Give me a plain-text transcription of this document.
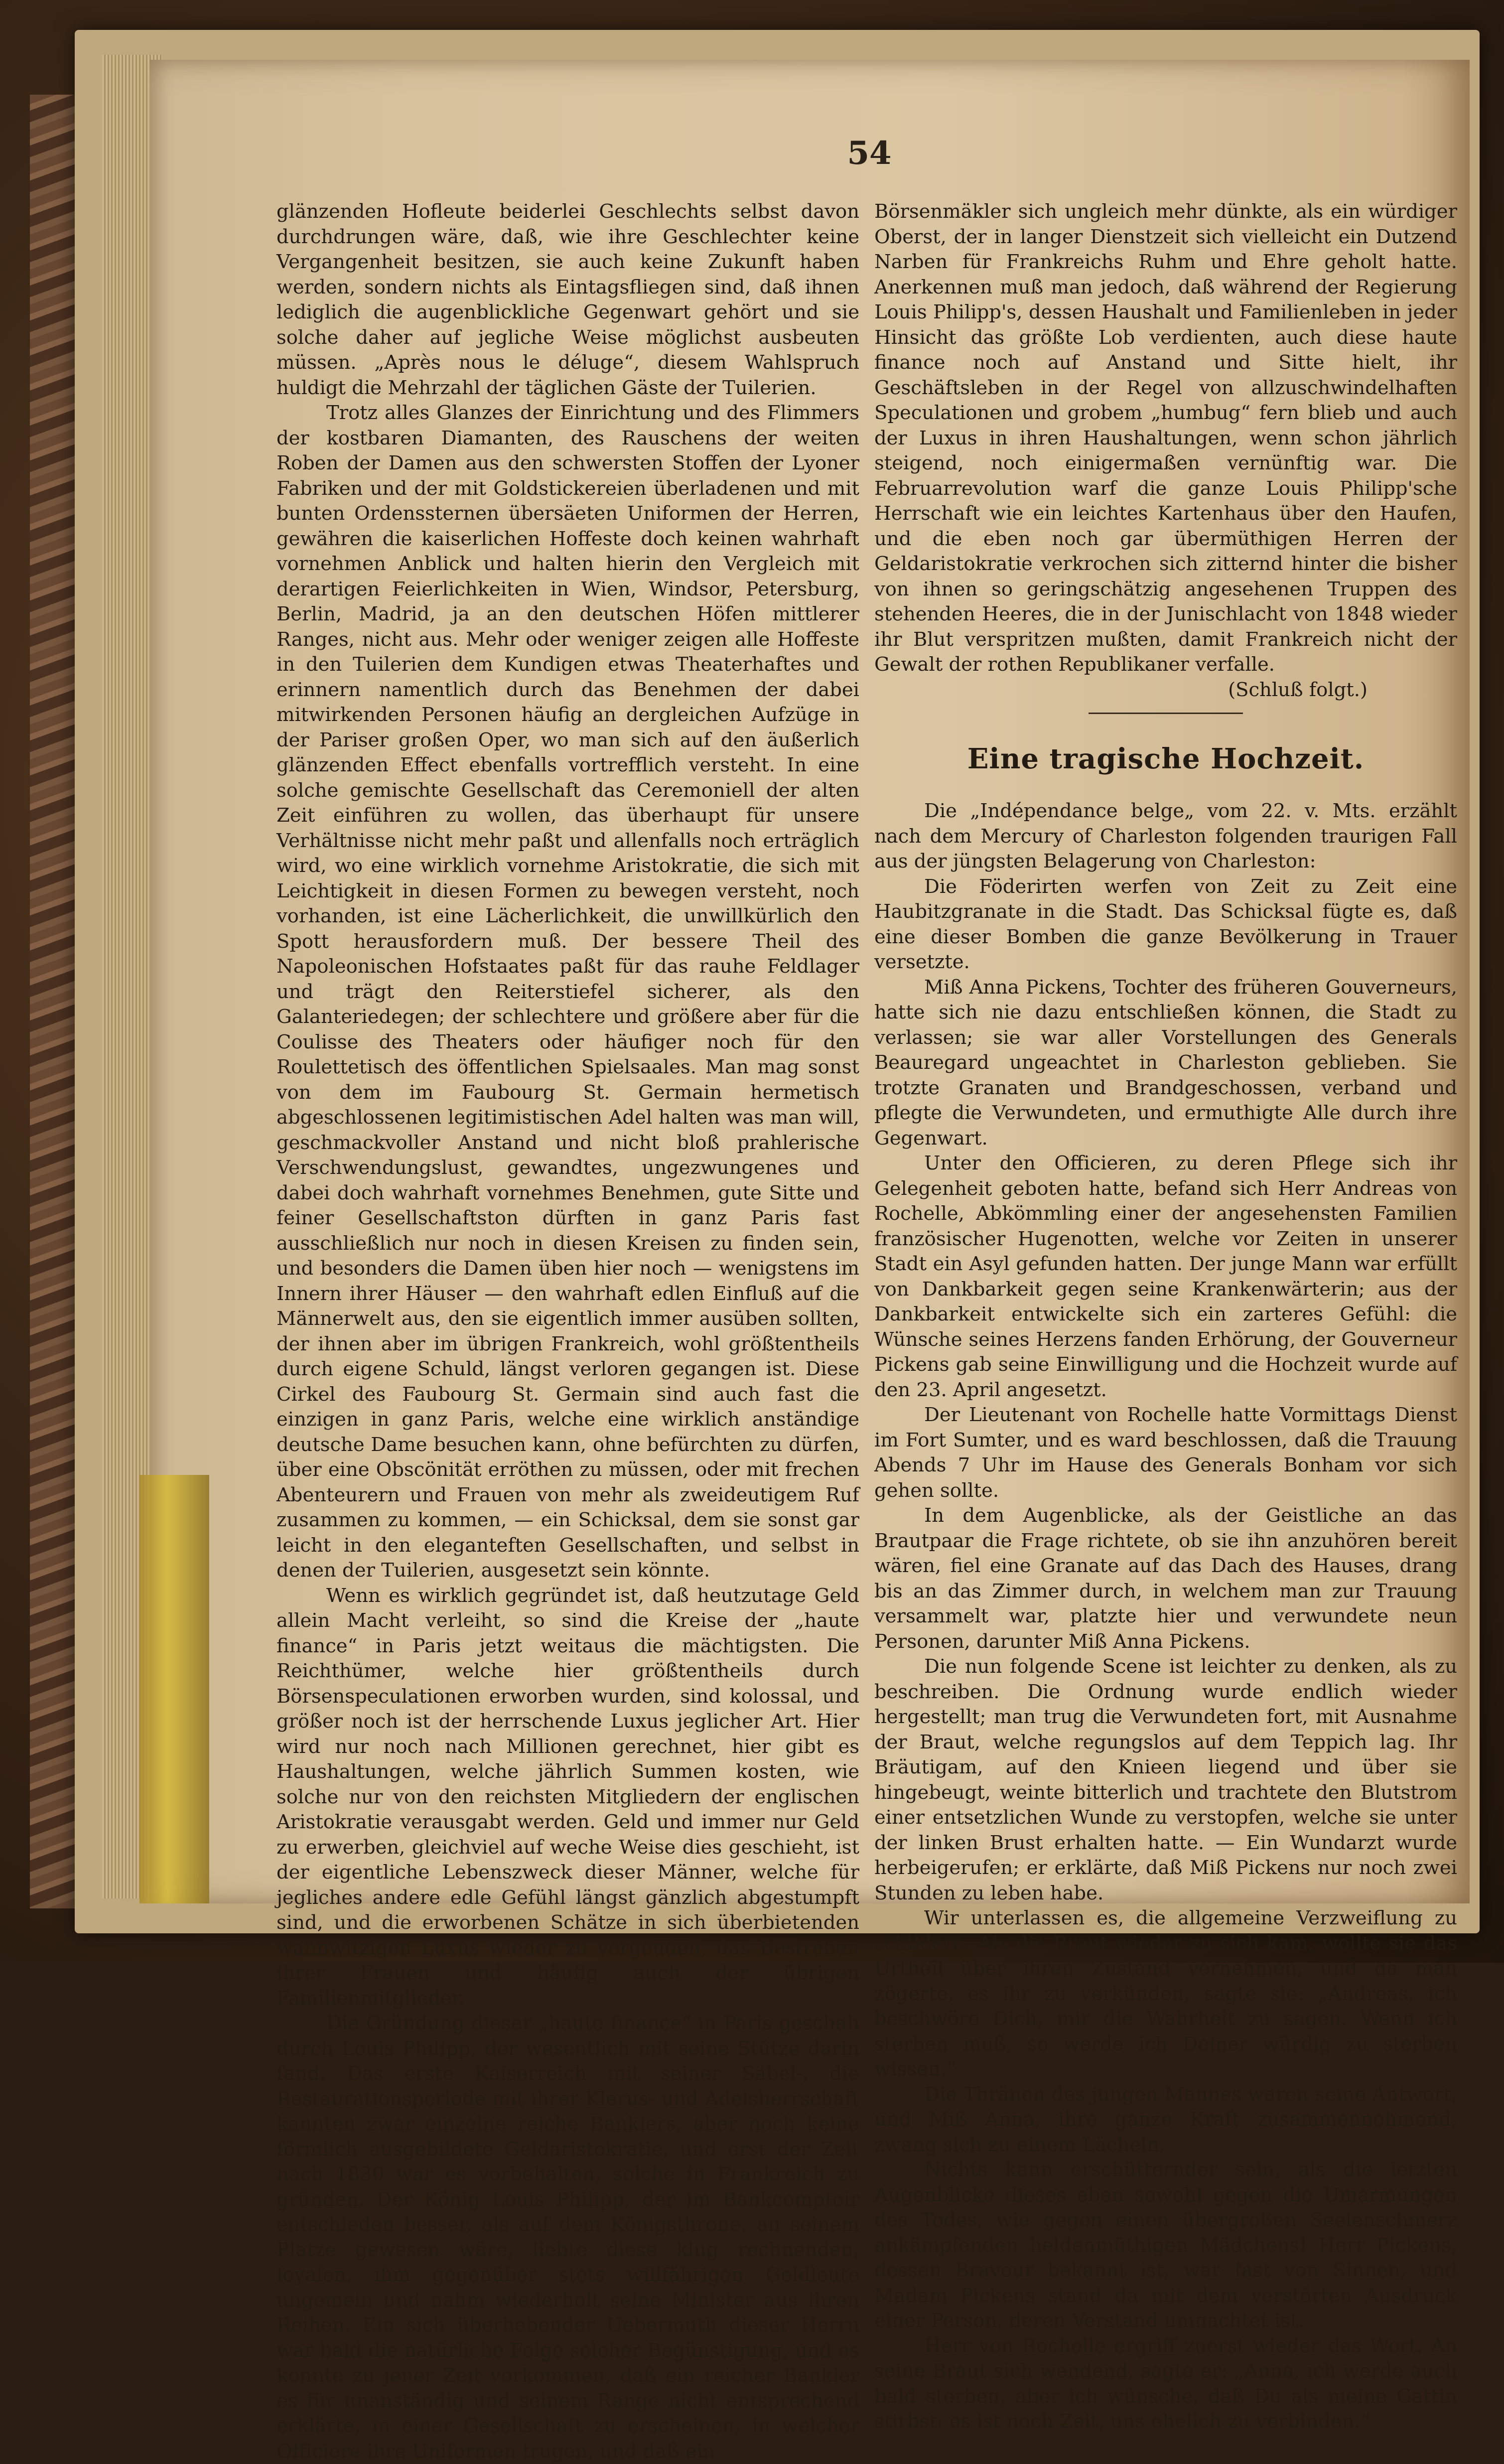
54

glänzenden Hofleute beiderlei Geschlechts selbst davon durchdrungen wäre, daß, wie ihre Geschlechter keine Vergangenheit besitzen, sie auch keine Zukunft haben werden, sondern nichts als Eintagsfliegen sind, daß ihnen lediglich die augenblickliche Gegenwart gehört und sie solche daher auf jegliche Weise möglichst ausbeuten müssen. „Après nous le déluge“, diesem Wahlspruch huldigt die Mehrzahl der täglichen Gäste der Tuilerien.

Trotz alles Glanzes der Einrichtung und des Flimmers der kostbaren Diamanten, des Rauschens der weiten Roben der Damen aus den schwersten Stoffen der Lyoner Fabriken und der mit Goldstickereien überladenen und mit bunten Ordenssternen übersäeten Uniformen der Herren, gewähren die kaiserlichen Hoffeste doch keinen wahrhaft vornehmen Anblick und halten hierin den Vergleich mit derartigen Feierlichkeiten in Wien, Windsor, Petersburg, Berlin, Madrid, ja an den deutschen Höfen mittlerer Ranges, nicht aus. Mehr oder weniger zeigen alle Hoffeste in den Tuilerien dem Kundigen etwas Theaterhaftes und erinnern namentlich durch das Benehmen der dabei mitwirkenden Personen häufig an dergleichen Aufzüge in der Pariser großen Oper, wo man sich auf den äußerlich glänzenden Effect ebenfalls vortrefflich versteht. In eine solche gemischte Gesellschaft das Ceremoniell der alten Zeit einführen zu wollen, das überhaupt für unsere Verhältnisse nicht mehr paßt und allenfalls noch erträglich wird, wo eine wirklich vornehme Aristokratie, die sich mit Leichtigkeit in diesen Formen zu bewegen versteht, noch vorhanden, ist eine Lächerlichkeit, die unwillkürlich den Spott herausfordern muß. Der bessere Theil des Napoleonischen Hofstaates paßt für das rauhe Feldlager und trägt den Reiterstiefel sicherer, als den Galanteriedegen; der schlechtere und größere aber für die Coulisse des Theaters oder häufiger noch für den Roulettetisch des öffentlichen Spielsaales. Man mag sonst von dem im Faubourg St. Germain hermetisch abgeschlossenen legitimistischen Adel halten was man will, geschmackvoller Anstand und nicht bloß prahlerische Verschwendungslust, gewandtes, ungezwungenes und dabei doch wahrhaft vornehmes Benehmen, gute Sitte und feiner Gesellschaftston dürften in ganz Paris fast ausschließlich nur noch in diesen Kreisen zu finden sein, und besonders die Damen üben hier noch — wenigstens im Innern ihrer Häuser — den wahrhaft edlen Einfluß auf die Männerwelt aus, den sie eigentlich immer ausüben sollten, der ihnen aber im übrigen Frankreich, wohl größtentheils durch eigene Schuld, längst verloren gegangen ist. Diese Cirkel des Faubourg St. Germain sind auch fast die einzigen in ganz Paris, welche eine wirklich anständige deutsche Dame besuchen kann, ohne befürchten zu dürfen, über eine Obscönität erröthen zu müssen, oder mit frechen Abenteurern und Frauen von mehr als zweideutigem Ruf zusammen zu kommen, — ein Schicksal, dem sie sonst gar leicht in den eleganteften Gesellschaften, und selbst in denen der Tuilerien, ausgesetzt sein könnte.

Wenn es wirklich gegründet ist, daß heutzutage Geld allein Macht verleiht, so sind die Kreise der „haute finance“ in Paris jetzt weitaus die mächtigsten. Die Reichthümer, welche hier größtentheils durch Börsenspeculationen erworben wurden, sind kolossal, und größer noch ist der herrschende Luxus jeglicher Art. Hier wird nur noch nach Millionen gerechnet, hier gibt es Haushaltungen, welche jährlich Summen kosten, wie solche nur von den reichsten Mitgliedern der englischen Aristokratie verausgabt werden. Geld und immer nur Geld zu erwerben, gleichviel auf weche Weise dies geschieht, ist der eigentliche Lebenszweck dieser Männer, welche für jegliches andere edle Gefühl längst gänzlich abgestumpft sind, und die erworbenen Schätze in sich überbietenden wahnwitzigen Luxus wieder zu vergeuden, das Bestreben ihrer Frauen und häufig auch der übrigen Familienmitglieder.

Die Gründung dieser „haute finance“ in Paris geschah durch Louis Philipp, der wesentlich mit seine Stütze darin fand. Das erste Kaiserreich mit seiner Säbel-, die Restaurationsperiode mit ihrer Klerus- und Adelsherrschaft kannten zwar einzelne reiche Bankiers, aber noch keine förmlich ausgebildete Geldaristokratie, und erst der Zeit nach 1830 war es vorbehalten, solche in Frankreich zu gründen. Der König Louis Philipp, der im Bankcomptoir entschieden besser, als auf dem Königsthrone, an seinem Platze gewesen wäre, liebte diese klug rechnenden, loyalen, ihm gegenüber stets willfährigen Geldleute ungemein und nahm wiederholt seine Minister aus ihren Reihen. Ein sich überhebender Uebermuth dieser Herrn war bald die natürliche Folge solcher Begünstigung, und es konnte zu jener Zeit vorkommen, daß ein reicher Bankier es für unanständig und seinem Range nicht entsprechend erklärte, in einer Gesellschaft zu erscheinen, in welcher Officiere ihre Uniformen trugen, und daß ein

Börsenmäkler sich ungleich mehr dünkte, als ein würdiger Oberst, der in langer Dienstzeit sich vielleicht ein Dutzend Narben für Frankreichs Ruhm und Ehre geholt hatte. Anerkennen muß man jedoch, daß während der Regierung Louis Philipp's, dessen Haushalt und Familienleben in jeder Hinsicht das größte Lob verdienten, auch diese haute finance noch auf Anstand und Sitte hielt, ihr Geschäftsleben in der Regel von allzuschwindelhaften Speculationen und grobem „humbug“ fern blieb und auch der Luxus in ihren Haushaltungen, wenn schon jährlich steigend, noch einigermaßen vernünftig war. Die Februarrevolution warf die ganze Louis Philipp'sche Herrschaft wie ein leichtes Kartenhaus über den Haufen, und die eben noch gar übermüthigen Herren der Geldaristokratie verkrochen sich zitternd hinter die bisher von ihnen so geringschätzig angesehenen Truppen des stehenden Heeres, die in der Junischlacht von 1848 wieder ihr Blut verspritzen mußten, damit Frankreich nicht der Gewalt der rothen Republikaner verfalle.

(Schluß folgt.)

Eine tragische Hochzeit.

Die „Indépendance belge„ vom 22. v. Mts. erzählt nach dem Mercury of Charleston folgenden traurigen Fall aus der jüngsten Belagerung von Charleston:

Die Föderirten werfen von Zeit zu Zeit eine Haubitzgranate in die Stadt. Das Schicksal fügte es, daß eine dieser Bomben die ganze Bevölkerung in Trauer versetzte.

Miß Anna Pickens, Tochter des früheren Gouverneurs, hatte sich nie dazu entschließen können, die Stadt zu verlassen; sie war aller Vorstellungen des Generals Beauregard ungeachtet in Charleston geblieben. Sie trotzte Granaten und Brandgeschossen, verband und pflegte die Verwundeten, und ermuthigte Alle durch ihre Gegenwart.

Unter den Officieren, zu deren Pflege sich ihr Gelegenheit geboten hatte, befand sich Herr Andreas von Rochelle, Abkömmling einer der angesehensten Familien französischer Hugenotten, welche vor Zeiten in unserer Stadt ein Asyl gefunden hatten. Der junge Mann war erfüllt von Dankbarkeit gegen seine Krankenwärterin; aus der Dankbarkeit entwickelte sich ein zarteres Gefühl: die Wünsche seines Herzens fanden Erhörung, der Gouverneur Pickens gab seine Einwilligung und die Hochzeit wurde auf den 23. April angesetzt.

Der Lieutenant von Rochelle hatte Vormittags Dienst im Fort Sumter, und es ward beschlossen, daß die Trauung Abends 7 Uhr im Hause des Generals Bonham vor sich gehen sollte.

In dem Augenblicke, als der Geistliche an das Brautpaar die Frage richtete, ob sie ihn anzuhören bereit wären, fiel eine Granate auf das Dach des Hauses, drang bis an das Zimmer durch, in welchem man zur Trauung versammelt war, platzte hier und verwundete neun Personen, darunter Miß Anna Pickens.

Die nun folgende Scene ist leichter zu denken, als zu beschreiben. Die Ordnung wurde endlich wieder hergestellt; man trug die Verwundeten fort, mit Ausnahme der Braut, welche regungslos auf dem Teppich lag. Ihr Bräutigam, auf den Knieen liegend und über sie hingebeugt, weinte bitterlich und trachtete den Blutstrom einer entsetzlichen Wunde zu verstopfen, welche sie unter der linken Brust erhalten hatte. — Ein Wundarzt wurde herbeigerufen; er erklärte, daß Miß Pickens nur noch zwei Stunden zu leben habe.

Wir unterlassen es, die allgemeine Verzweiflung zu schildern. Als die Braut wieder zu sich kam, wollte sie das Urtheil über ihren Zustand vernehmen, und da man zögerte, es ihr zu verkünden, sagte sie: „Andreas, ich beschwöre Dich, mir die Wahrheit zu sagen. Wenn ich sterben muß, so werde ich Deiner würdig zu sterben wissen.“

Die Thränen des jungen Mannes waren seine Antwort, und Miß Anna, ihre ganze Kraft zusammennehmend, zwang sich zu einem Lächeln.

Nichts kann erschütternder sein, als die letzten Augenblicke dieses eben sowohl gegen die Umarmungen des Todes, wie gegen einen übergroßen Seelenschmerz ankämpfenden heldenmüthigen Mädchens! Herr Pickens, dessen Bravour bekannt ist, war fast von Sinnen, und Madam Pickens stand da mit dem verstörten Ausdruck einer Person, deren Verstand umnachtet ist.

Herr von Rochelle ergriff zuerst wieder das Wort. An seine Braut sich wendend, sagte er: „Anna, ich werde auch bald sterben, aber ich wünsche, daß Du als meine Gattin stirbst; es ist noch Zeit, uns ehelich zu verbinden.“
